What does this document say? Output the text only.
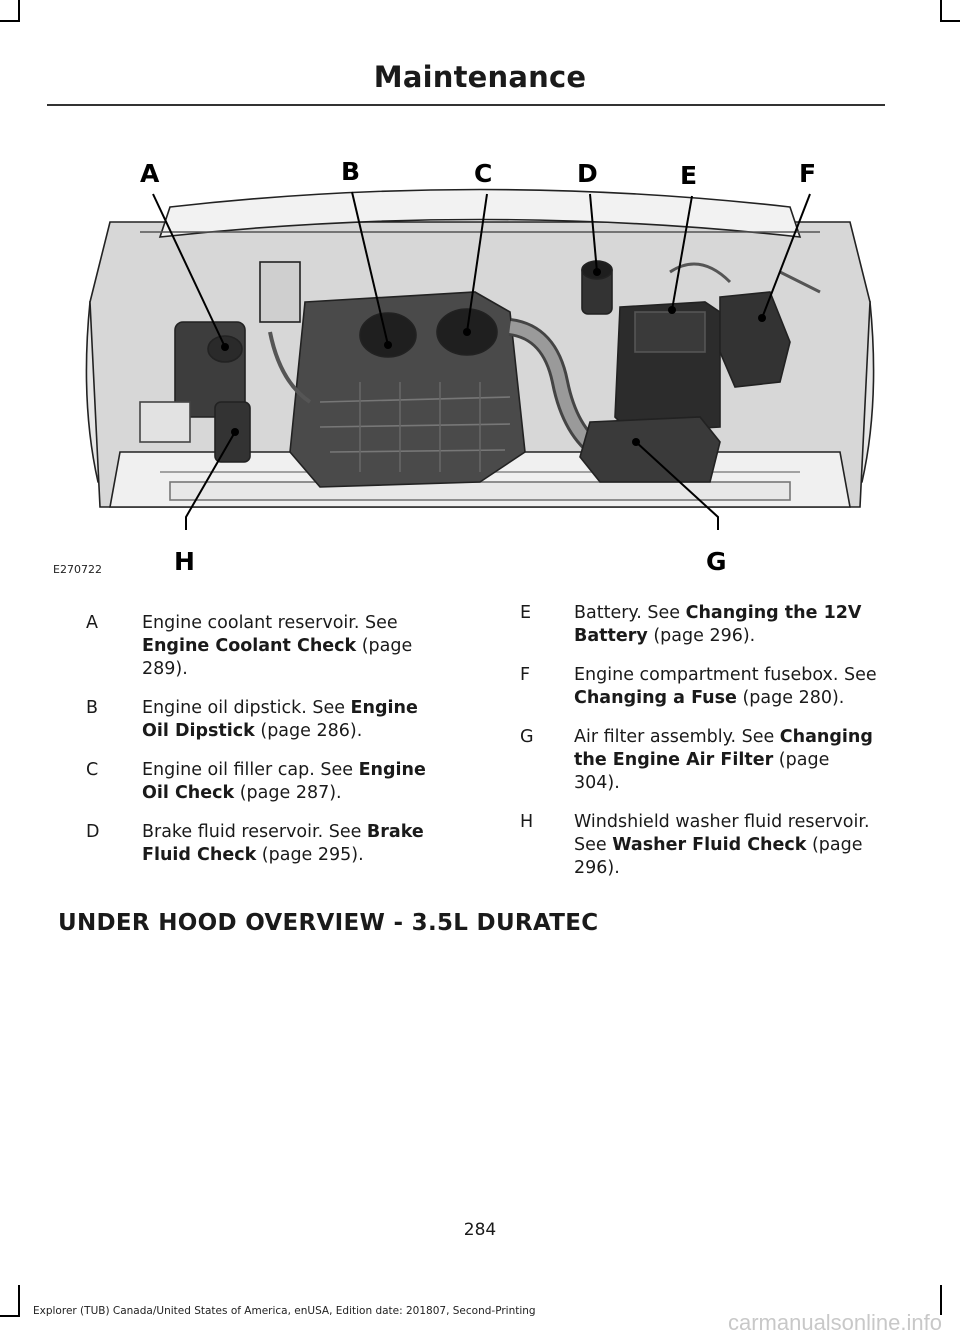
Maintenance
A	B	C	D	E	F
G
H
E270722
A	Engine coolant reservoir. See Engine Coolant Check (page 289).
B	Engine oil dipstick. See Engine Oil Dipstick (page 286).
C	Engine oil filler cap. See Engine Oil Check (page 287).
D	Brake fluid reservoir. See Brake Fluid Check (page 295).
E	Battery. See Changing the 12V Battery (page 296).
F	Engine compartment fusebox. See Changing a Fuse (page 280).
G	Air filter assembly. See Changing the Engine Air Filter (page 304).
H	Windshield washer fluid reservoir. See Washer Fluid Check (page 296).
UNDER HOOD OVERVIEW - 3.5L DURATEC
284
Explorer (TUB) Canada/United States of America, enUSA, Edition date: 201807, Second-Printing	carmanualsonline.info
